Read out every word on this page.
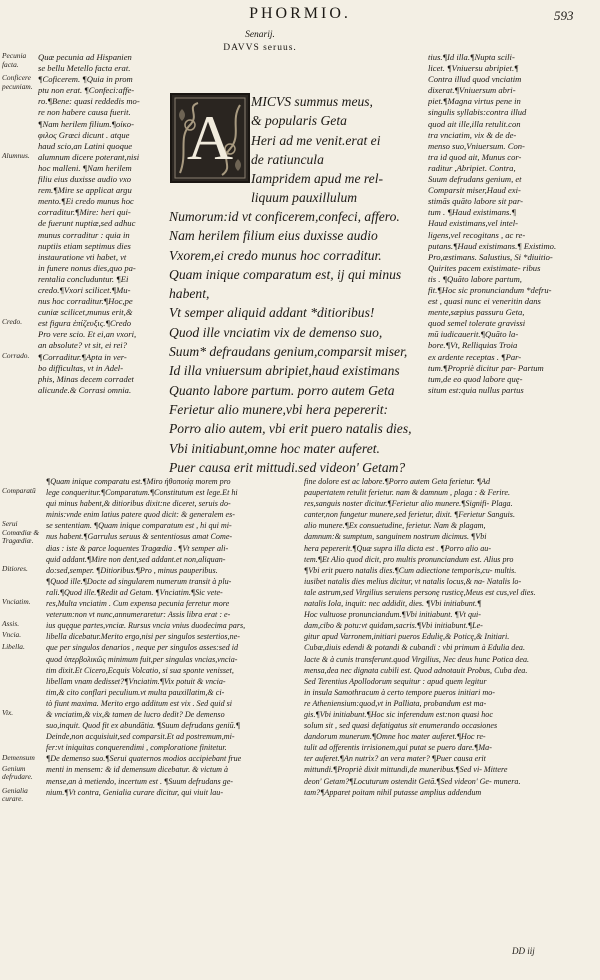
PHORMIO.	593
Senarij.
DAVVS seruus.
A
MICVS summus meus,
& popularis Geta
Heri ad me venit.erat ei
de ratiuncula
Iampridem apud me rel-
liquum pauxillulum
Numorum:id vt conficerem,confeci, affero.
Nam herilem filium eius duxisse audio
Vxorem,ei credo munus hoc corraditur.
Quam inique comparatum est, ij qui minus
habent,
Vt semper aliquid addant *ditioribus!
Quod ille vnciatim vix de demenso suo,
Suum* defraudans genium,comparsit miser,
Id illa vniuersum abripiet,haud existimans
Quanto labore partum. porro autem Geta
Ferietur alio munere,vbi hera pepererit:
Porro alio autem, vbi erit puero natalis dies,
Vbi initiabunt,omne hoc mater auferet.
Puer causa erit mittudi.sed videon' Getam?
Quæ pecunia ad Hispanien
se bellu Metello facta erat.
¶Coficerem. ¶Quia in prom
ptu non erat. ¶Confeci:affe-
ro.¶Bene: quasi reddedis mo-
re non habere causa fuerit.
¶Nam herilem filium.¶οἰκο-
φιλος Græci dicunt . atque
haud scio,an Latini quoque
alumnum dicere poterant,nisi
hoc malleni. ¶Nam herilem
filiu eius duxisse audio vxo
rem.¶Mire se applicat argu
mento.¶Ei credo munus hoc
corraditur.¶Mire: heri qui-
de fuerunt nuptiæ,sed adhuc
munus corraditur : quia in
nuptiis etiam septimus dies
instauratione vti habet, vt
in funere nonus dies,quo pa-
rentalia concluduntur. ¶Ei
credo.¶Vxori scilicet.¶Mu-
nus hoc corraditur.¶Hoc,pe
cuniæ scilicet,munus erit,&
est figura ἐπίζευξις.¶Credo
Pro vere scio. Et ei,an vxori,
an absolute? vt sit, ei rei?
¶Corraditur.¶Apta in ver-
bo difficultas, vt in Adel-
phis, Minas decem corradet
alicunde.& Corrasi omnia.
Pecunia facta.
Conficere pecuniam.
Alumnus.
Credo.
Corrado.
tius.¶Id illa.¶Nupta scili-
licet. ¶Vniuersu abripiet.¶
Contra illud quod vnciatim
dixerat.¶Vniuersum abri-
piet.¶Magna virtus pene in
singulis syllabis:contra illud
quod ait ille,illa retulit.con
tra vnciatim, vix & de de-
menso suo,Vniuersum. Con-
tra id quod ait, Munus cor-
raditur ,Abripiet. Contra,
Suum defrudans genium, et
Comparsit miser,Haud exi-
stimās quāto labore sit par-
tum . ¶Haud existimans.¶
Haud existimans,vel intel-
ligens,vel recogitans , ac re-
putans.¶Haud existimans.¶ Existimo.
Pro,æstimans. Salustius, Si *diuitio-
Quirites pacem existimate- ribus
tis . ¶Quāto labore partum,
fit.¶Hoc sic pronunciandum *defru-
est , quasi nunc ei veneritin dans
mente,sæpius passuru Geta,
quod semel tolerate gravissi
mū iudicauerit.¶Quāto la-
bore.¶Vt, Relliquias Troia
ex ardente receptas . ¶Par-
tum.¶Propriè dicitur par- Partum
tum,de eo quod labore quę-
situm est:quia nullus partus
¶Quam inique comparatu est.¶Miro ἠθοποιίᾳ morem pro
lege conqueritur.¶Comparatum.¶Constitutum est lege.Et hi
qui minus habent,& ditioribus dixit:ne diceret, seruis do-
minis:vnde enim latius patere quod dicit: & generalem es-
se sententiam. ¶Quam inique comparatum est , hi qui mi-
nus habent.¶Garrulus seruus & sententiosus amat Come-
dias : iste & parce loquentes Tragœdia . ¶Vt semper ali-
quid addant.¶Mire non dent,sed addant.et non,aliquan-
do:sed,semper. ¶Ditioribus.¶Pro , minus pauperibus.
¶Quod ille.¶Docte ad singularem numerum transit à plu-
rali.¶Quod ille.¶Redit ad Getam. ¶Vnciatim.¶Sic vete-
res,Multa vnciatim . Cum expensa pecunia ferretur more
veterum:non vt nunc,annumeraretur: Assis libra erat : e-
ius quęque partes,vnciæ. Rursus vncia vnius duodecima pars,
libella dicebatur.Merito ergo,nisi per singulos sestertios,ne-
que per singulos denarios , neque per singulos asses:sed id
quod ὑπερβολικῶς minimum fuit,per singulas vncias,vncia-
tim dixit.Et Cicero,Ecquis Volcatio, si sua sponte venisset,
libellam vnam dedisset?¶Vnciatim.¶Vix potuit & vncia-
tim,& cito conflari peculium.vt multa pauxillatim,& ci-
tò fiunt maxima. Merito ergo additum est vix . Sed quid si
& vnciatim,& vix,& tamen de lucro dedit? De demenso
suo,inquit. Quod fit ex abundātia. ¶Suum defrudans geniū.¶
Deinde,non acquisiuit,sed comparsit.Et ad postremum,mi-
fer:vt iniquitas conquerendimi , comploratione finitetur.
¶De demenso suo.¶Serui quaternos modios accipiebant frue
menti in mensem: & id demensum dicebatur. & victum à
mense,an à metiendo, incertum est . ¶Suum defrudans ge-
nium.¶Vt contra, Genialia curare dicitur, qui viuit lau-
Comparatū
Serui Comœdiæ & Tragœdiæ.
Ditiores.
Vnciatim.
Assis.
Vncia.
Libella.
Vix.
Demensum
Genium defrudare.
Genialia curare.
fine dolore est ac labore.¶Porro autem Geta ferietur. ¶Ad
paupertatem retulit ferietur. nam & damnum , plaga : & Ferire.
res,sanguis noster dicitur.¶Ferietur alio munere.¶Signifi- Plaga.
canter,non fungetur munere,sed ferietur, dixit. ¶Ferietur Sanguis.
alio munere.¶Ex consuetudine, ferietur. Nam & plagam,
damnum:& sumptum, sanguinem nostrum dicimus. ¶Vbi
hera pepererit.¶Quæ supra illa dicta est . ¶Porro alio au-
tem.¶Et Alio quod dicit, pro multis pronunciandum est. Alius pro
¶Vbi erit puero natalis dies.¶Cum adiectione temporis,cu- multis.
iusibet natalis dies melius dicitur, vt natalis locus,& na- Natalis lo-
tale astrum,sed Virgilius seruiens personę rusticę,Meus est cus,vel dies.
natalis Iola, inquit: nec addidit, dies. ¶Vbi initiabunt.¶
Hoc vultuose pronunciandum.¶Vbi initiabunt. ¶Vt qui-
dam,cibo & potu:vt quidam,sacris.¶Vbi initiabunt.¶Le-
gitur apud Varronem,initiari pueros Edulię,& Poticę,& Initiari.
Cubæ,diuis edendi & potandi & cubandi : vbi primum à Edulia dea.
lacte & à cunis transferunt.quod Virgilius, Nec deus hunc Potica dea.
mensa,dea nec dignata cubili est. Quod adnotauit Probus, Cuba dea.
Sed Terentius Apollodorum sequitur : apud quem legitur
in insula Samothracum à certo tempore pueros initiari mo-
re Atheniensium:quod,vt in Palliata, probandum est ma-
gis.¶Vbi initiabunt.¶Hoc sic inferendum est:non quasi hoc
solum sit , sed quasi defatigatus sit enumerando occasiones
dandorum munerum.¶Omne hoc mater auferet.¶Hoc re-
tulit ad offerentis irrisionem,qui putat se puero dare.¶Ma-
ter auferet.¶An nutrix? an vera mater? ¶Puer causa erit
mittundi.¶Propriè dixit mittundi,de muneribus.¶Sed vi- Mittere
deon' Getam?¶Locuturum ostendit Getā.¶Sed videon' Ge- munera.
tam?¶Apparet poitam nihil putasse amplius addendum
DD iij
